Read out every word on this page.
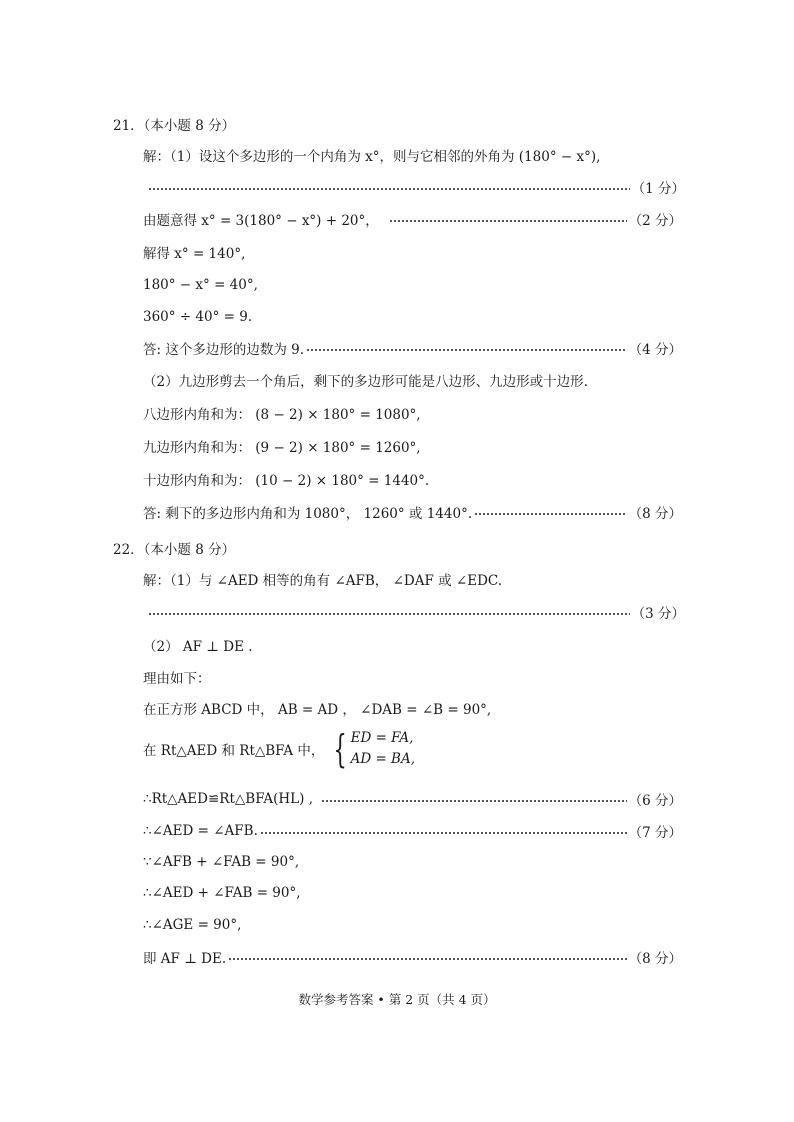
21．（本小题 8 分）
解：（1）设这个多边形的一个内角为 x°，则与它相邻的外角为 (180° − x°),
（1 分）
由题意得 x° = 3(180° − x°) + 20°，	（2 分）
解得 x° = 140°,
180° − x° = 40°,
360° ÷ 40° = 9.
答: 这个多边形的边数为 9.	（4 分）
（2）九边形剪去一个角后，剩下的多边形可能是八边形、九边形或十边形.
八边形内角和为： (8 − 2) × 180° = 1080°,
九边形内角和为： (9 − 2) × 180° = 1260°,
十边形内角和为： (10 − 2) × 180° = 1440°.
答: 剩下的多边形内角和为 1080°， 1260° 或 1440°.	（8 分）
22．（本小题 8 分）
解：（1）与 ∠AED 相等的角有 ∠AFB， ∠DAF 或 ∠EDC.
（3 分）
（2） AF ⊥ DE .
理由如下：
在正方形 ABCD 中， AB = AD ， ∠DAB = ∠B = 90°,
在 Rt△AED 和 Rt△BFA 中， { ED = FA,
AD = BA,
∴Rt△AED≌Rt△BFA(HL) ,	（6 分）
∴∠AED = ∠AFB.	（7 分）
∵∠AFB + ∠FAB = 90°,
∴∠AED + ∠FAB = 90°,
∴∠AGE = 90°,
即 AF ⊥ DE.	（8 分）
数学参考答案 • 第 2 页（共 4 页）
